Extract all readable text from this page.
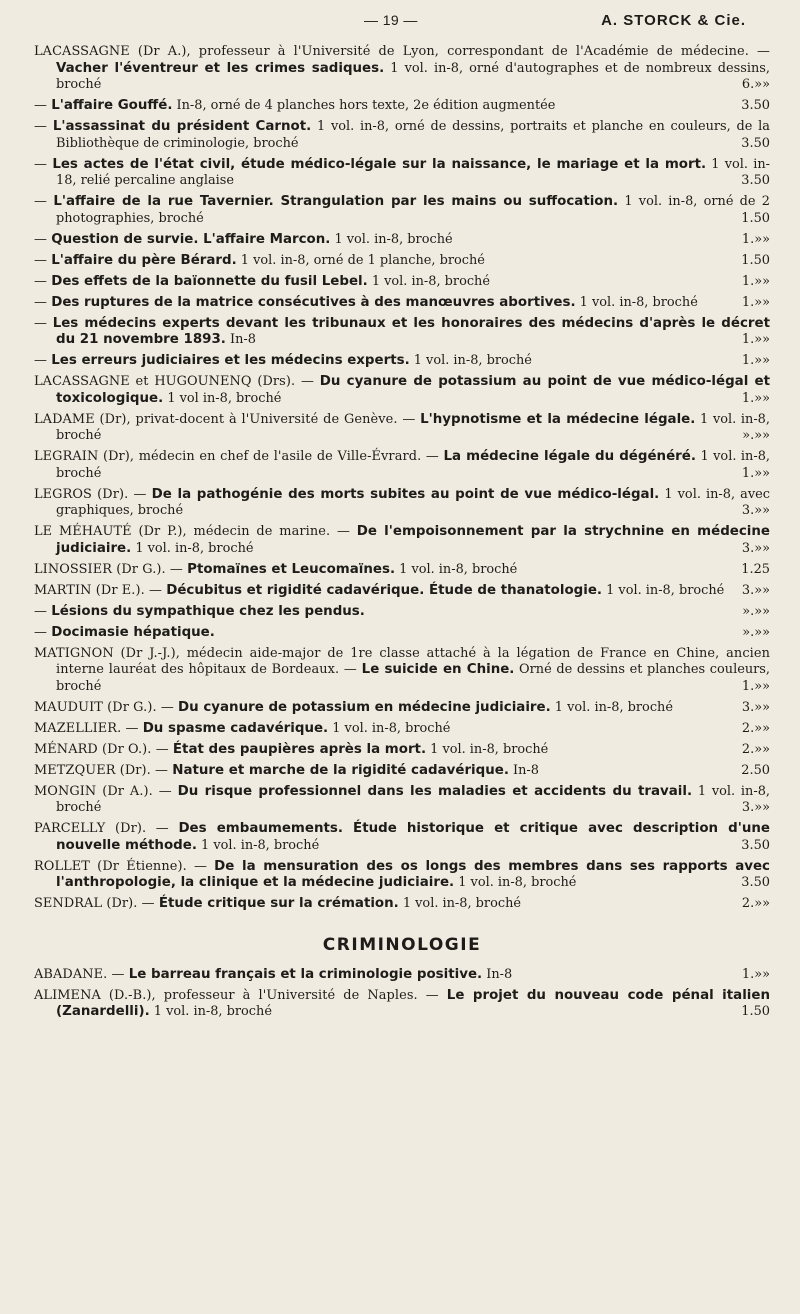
— 19 —	A. STORCK & Cie.
LACASSAGNE (Dr A.), professeur à l'Université de Lyon, correspondant de l'Académie de médecine. — Vacher l'éventreur et les crimes sadiques. 1 vol. in-8, orné d'autographes et de nombreux dessins, broché	6.»»
— L'affaire Gouffé. In-8, orné de 4 planches hors texte, 2e édition augmentée	3.50
— L'assassinat du président Carnot. 1 vol. in-8, orné de dessins, portraits et planche en couleurs, de la Bibliothèque de criminologie, broché	3.50
— Les actes de l'état civil, étude médico-légale sur la naissance, le mariage et la mort. 1 vol. in-18, relié percaline anglaise	3.50
— L'affaire de la rue Tavernier. Strangulation par les mains ou suffocation. 1 vol. in-8, orné de 2 photographies, broché	1.50
— Question de survie. L'affaire Marcon. 1 vol. in-8, broché	1.»»
— L'affaire du père Bérard. 1 vol. in-8, orné de 1 planche, broché	1.50
— Des effets de la baïonnette du fusil Lebel. 1 vol. in-8, broché	1.»»
— Des ruptures de la matrice consécutives à des manœuvres abortives. 1 vol. in-8, broché	1.»»
— Les médecins experts devant les tribunaux et les honoraires des médecins d'après le décret du 21 novembre 1893. In-8	1.»»
— Les erreurs judiciaires et les médecins experts. 1 vol. in-8, broché	1.»»
LACASSAGNE et HUGOUNENQ (Drs). — Du cyanure de potassium au point de vue médico-légal et toxicologique. 1 vol in-8, broché	1.»»
LADAME (Dr), privat-docent à l'Université de Genève. — L'hypnotisme et la médecine légale. 1 vol. in-8, broché	».»»
LEGRAIN (Dr), médecin en chef de l'asile de Ville-Évrard. — La médecine légale du dégénéré. 1 vol. in-8, broché	1.»»
LEGROS (Dr). — De la pathogénie des morts subites au point de vue médico-légal. 1 vol. in-8, avec graphiques, broché	3.»»
LE MÉHAUTÉ (Dr P.), médecin de marine. — De l'empoisonnement par la strychnine en médecine judiciaire. 1 vol. in-8, broché	3.»»
LINOSSIER (Dr G.). — Ptomaïnes et Leucomaïnes. 1 vol. in-8, broché	1.25
MARTIN (Dr E.). — Décubitus et rigidité cadavérique. Étude de thanatologie. 1 vol. in-8, broché 3.»»
— Lésions du sympathique chez les pendus.	».»»
— Docimasie hépatique.	».»»
MATIGNON (Dr J.-J.), médecin aide-major de 1re classe attaché à la légation de France en Chine, ancien interne lauréat des hôpitaux de Bordeaux. — Le suicide en Chine. Orné de dessins et planches couleurs, broché	1.»»
MAUDUIT (Dr G.). — Du cyanure de potassium en médecine judiciaire. 1 vol. in-8, broché	3.»»
MAZELLIER. — Du spasme cadavérique. 1 vol. in-8, broché	2.»»
MÉNARD (Dr O.). — État des paupières après la mort. 1 vol. in-8, broché	2.»»
METZQUER (Dr). — Nature et marche de la rigidité cadavérique. In-8	2.50
MONGIN (Dr A.). — Du risque professionnel dans les maladies et accidents du travail. 1 vol. in-8, broché	3.»»
PARCELLY (Dr). — Des embaumements. Étude historique et critique avec description d'une nouvelle méthode. 1 vol. in-8, broché	3.50
ROLLET (Dr Étienne). — De la mensuration des os longs des membres dans ses rapports avec l'anthropologie, la clinique et la médecine judiciaire. 1 vol. in-8, broché	3.50
SENDRAL (Dr). — Étude critique sur la crémation. 1 vol. in-8, broché	2.»»
CRIMINOLOGIE
ABADANE. — Le barreau français et la criminologie positive. In-8	1.»»
ALIMENA (D.-B.), professeur à l'Université de Naples. — Le projet du nouveau code pénal italien (Zanardelli). 1 vol. in-8, broché	1.50
